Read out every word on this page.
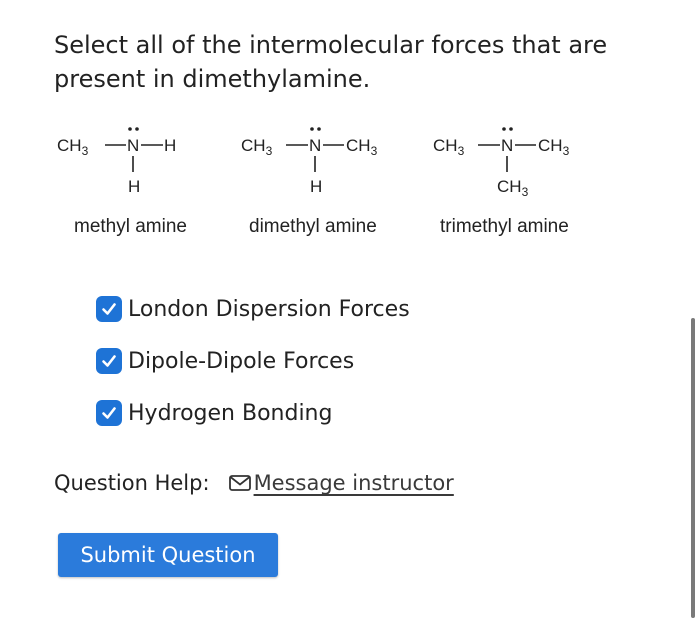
Select all of the intermolecular forces that are present in dimethylamine.
$CH_3$ N H
H
methyl amine
$CH_3$ N $CH_3$
H
dimethyl amine
$CH_3$ N $CH_3$
$CH_3$
trimethyl amine
London Dispersion Forces
Dipole-Dipole Forces
Hydrogen Bonding
Question Help: Message instructor
Submit Question
